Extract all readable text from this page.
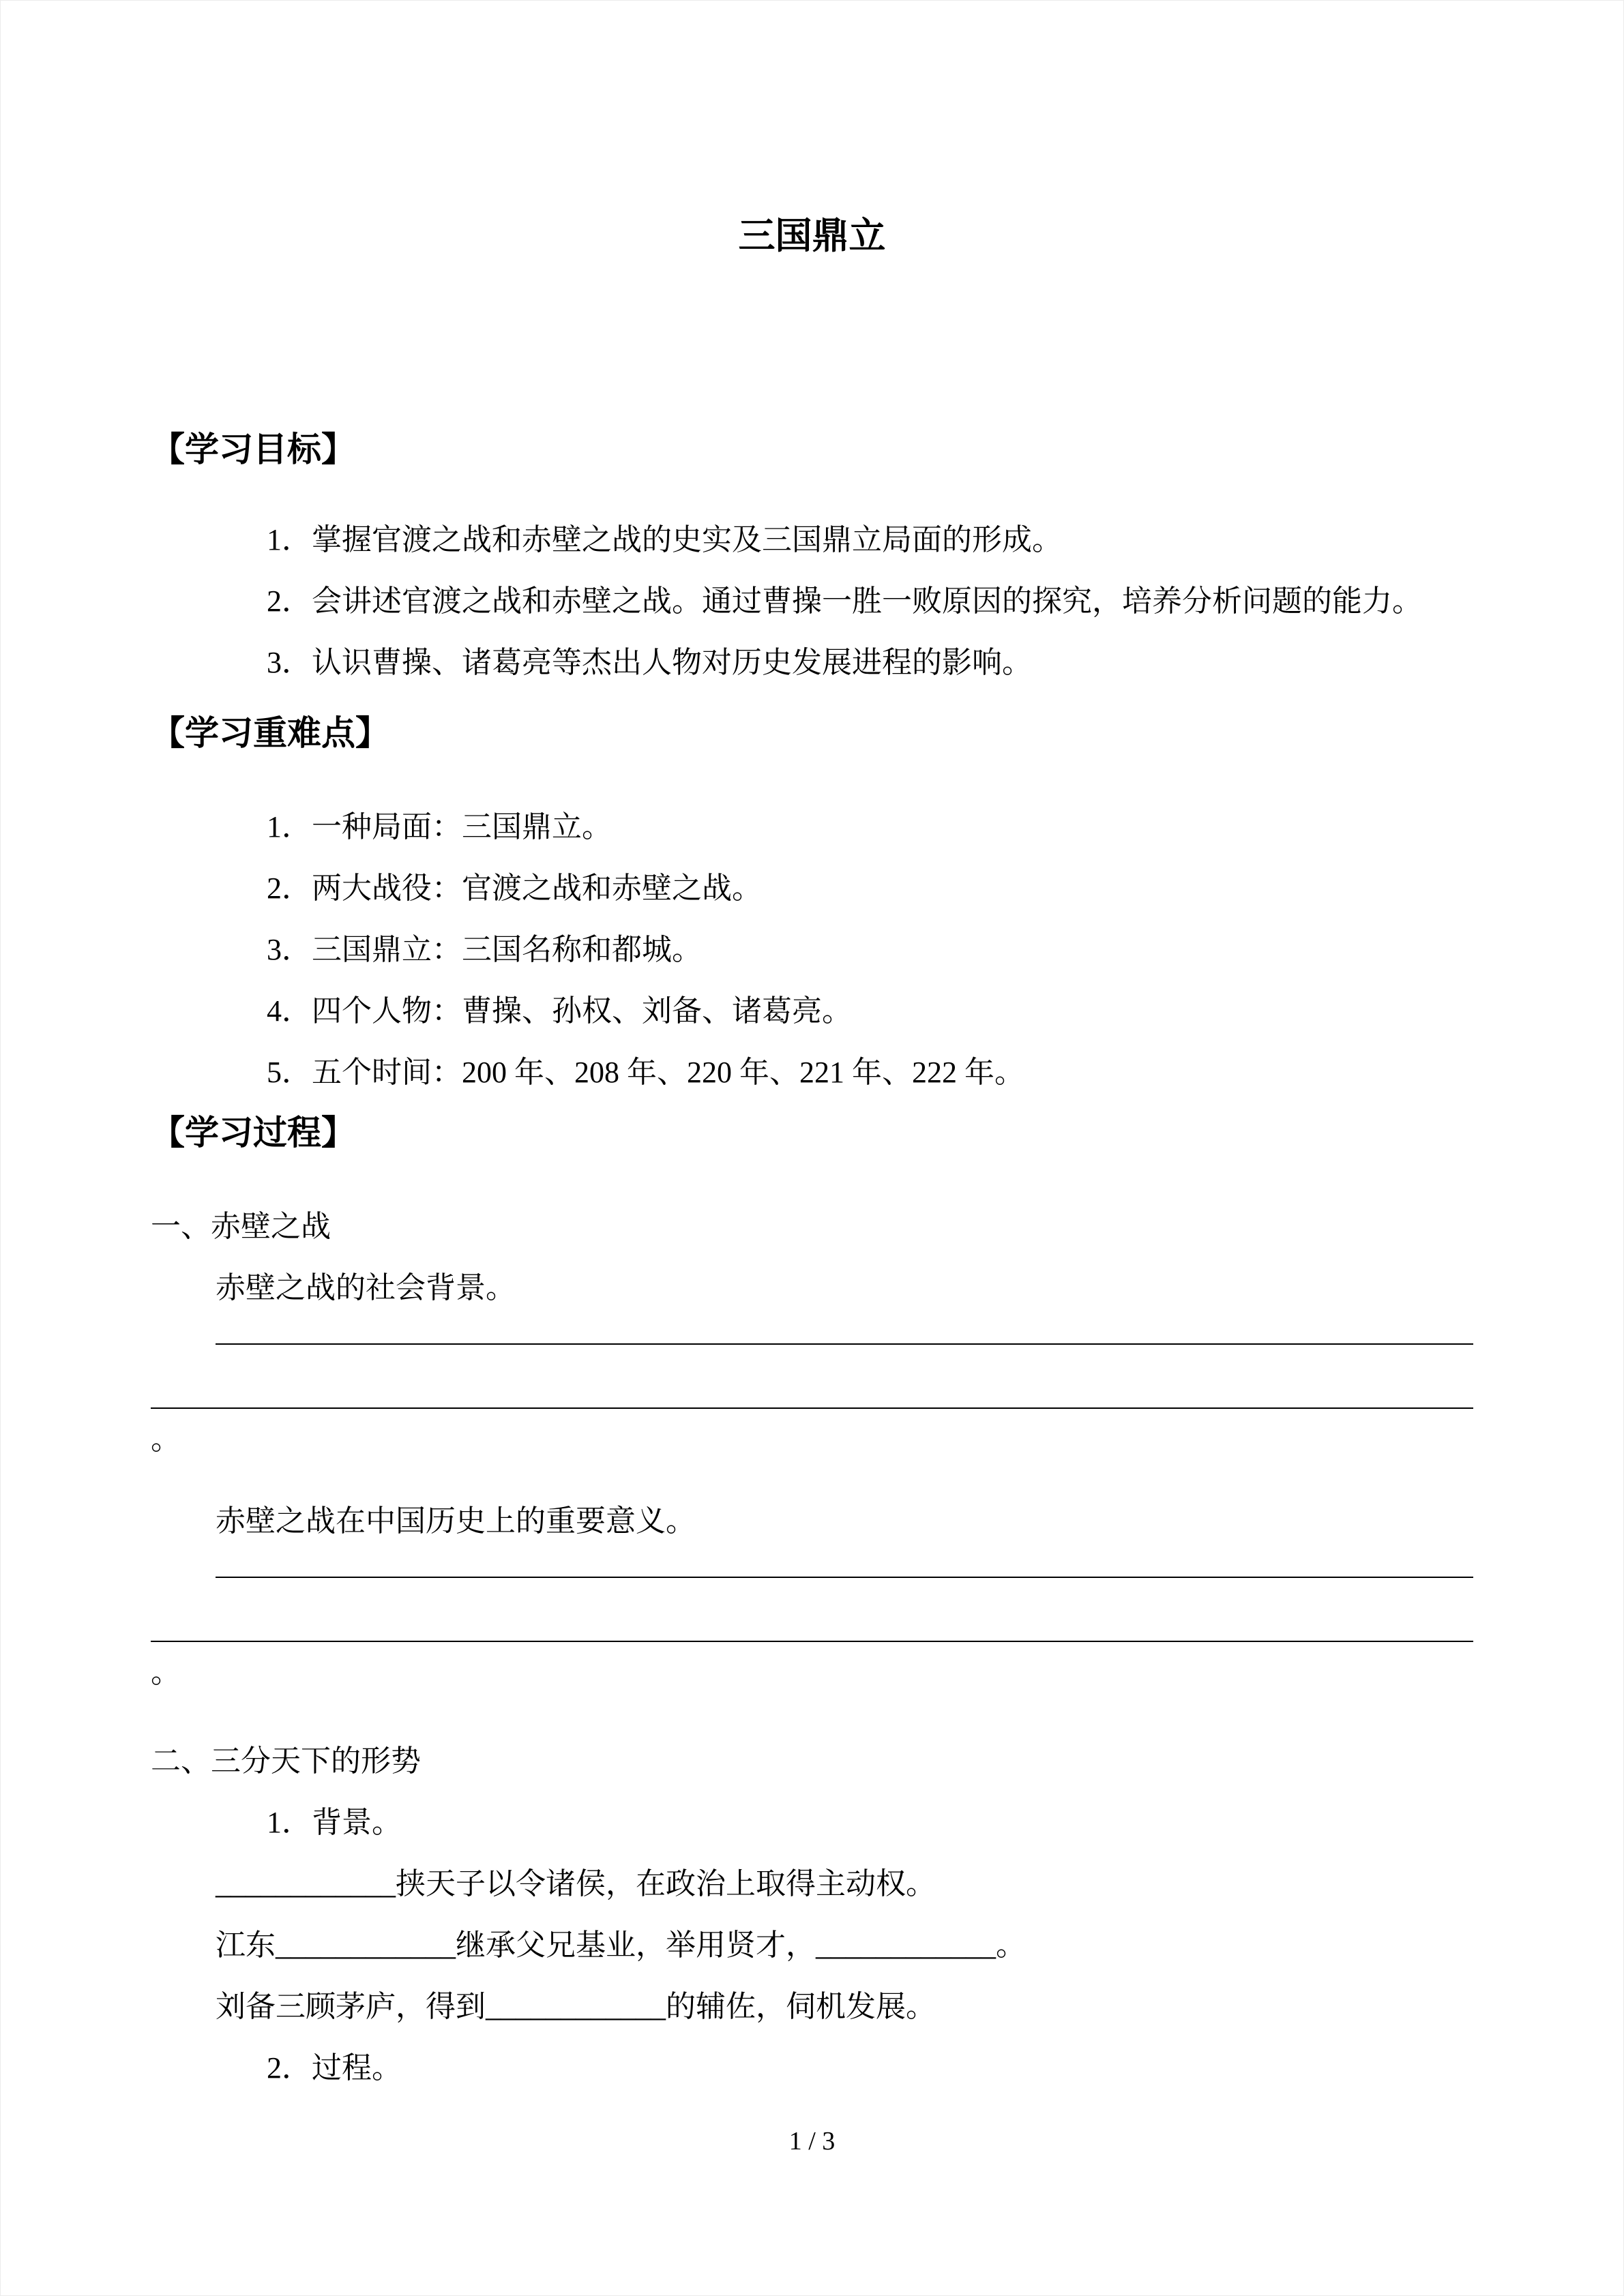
三国鼎立
【学习目标】
1．掌握官渡之战和赤壁之战的史实及三国鼎立局面的形成。
2．会讲述官渡之战和赤壁之战。通过曹操一胜一败原因的探究，培养分析问题的能力。
3．认识曹操、诸葛亮等杰出人物对历史发展进程的影响。
【学习重难点】
1．一种局面：三国鼎立。
2．两大战役：官渡之战和赤壁之战。
3．三国鼎立：三国名称和都城。
4．四个人物：曹操、孙权、刘备、诸葛亮。
5．五个时间：200 年、208 年、220 年、221 年、222 年。
【学习过程】
一、赤壁之战
赤壁之战的社会背景。
。
赤壁之战在中国历史上的重要意义。
。
二、三分天下的形势
1．背景。
____________挟天子以令诸侯，在政治上取得主动权。
江东____________继承父兄基业，举用贤才，____________。
刘备三顾茅庐，得到____________的辅佐，伺机发展。
2．过程。
1 / 3
